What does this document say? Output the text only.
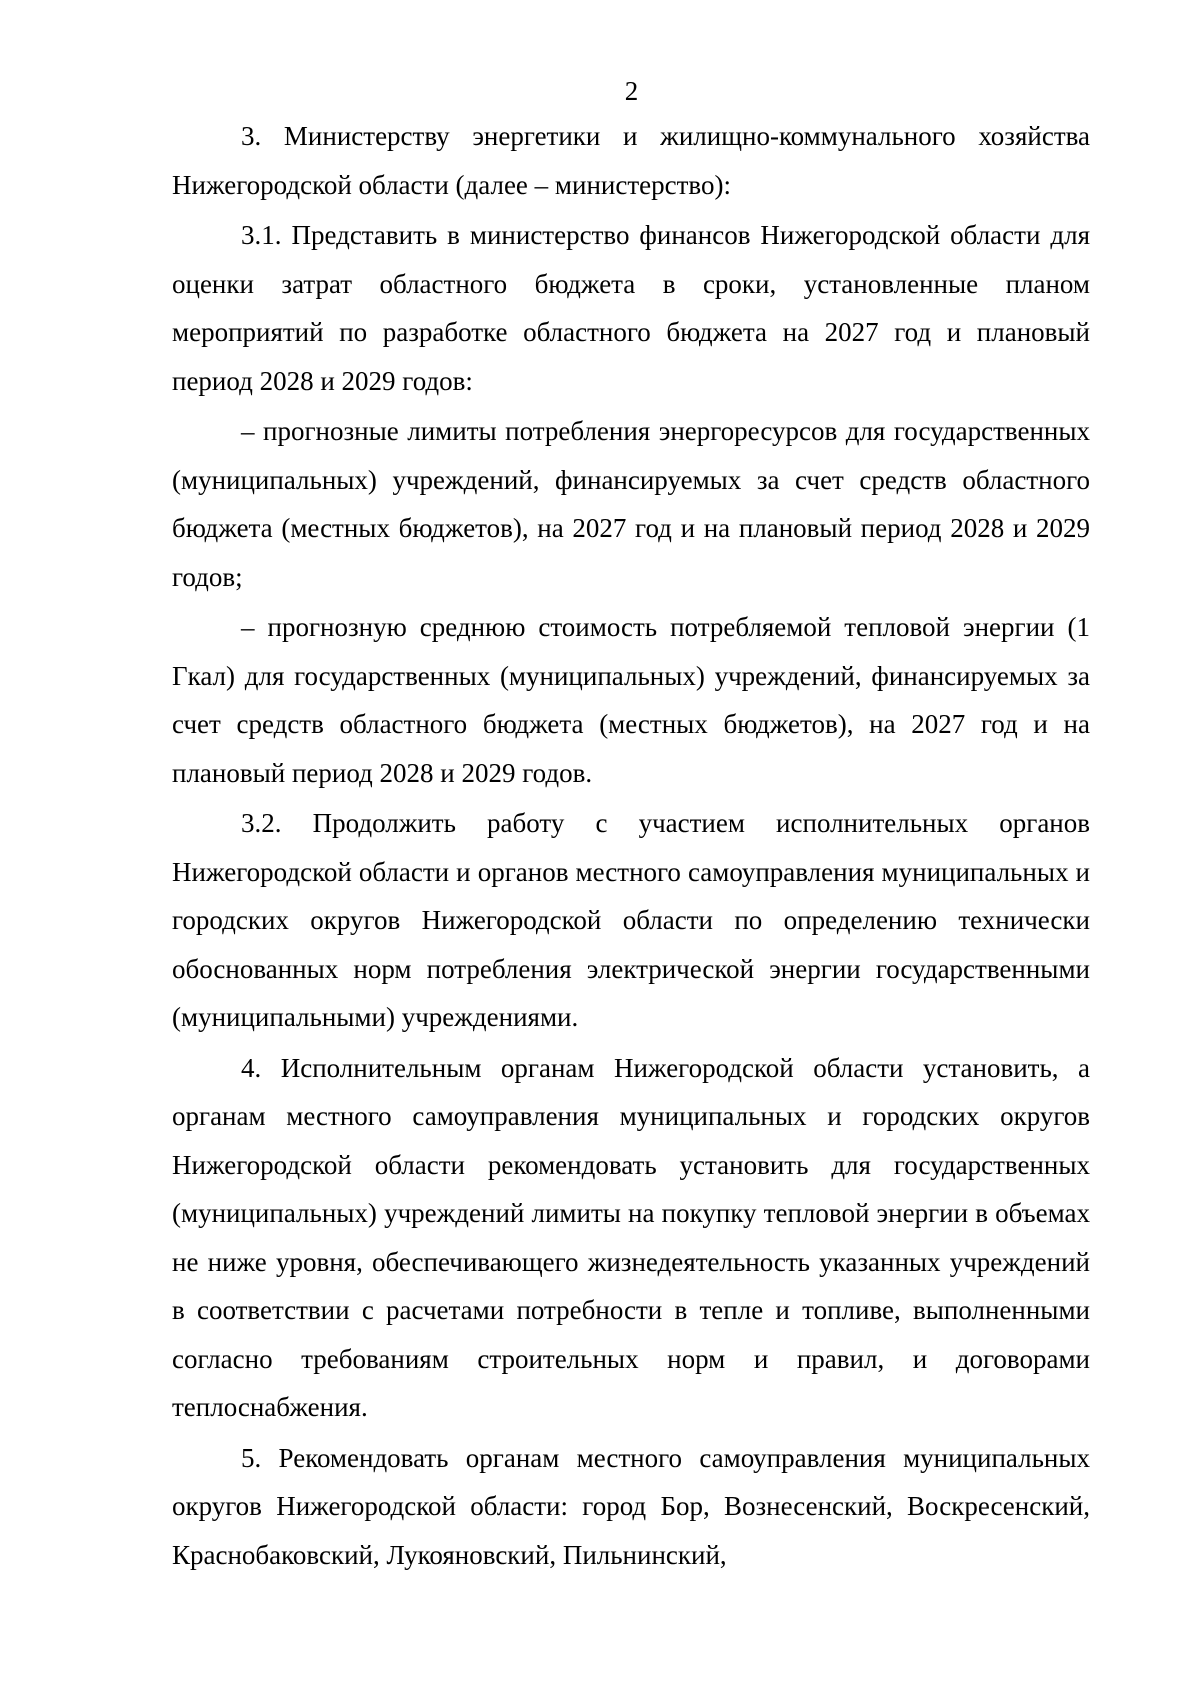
2

3. Министерству энергетики и жилищно-коммунального хозяйства Нижегородской области (далее – министерство):

3.1. Представить в министерство финансов Нижегородской области для оценки затрат областного бюджета в сроки, установленные планом мероприятий по разработке областного бюджета на 2027 год и плановый период 2028 и 2029 годов:

– прогнозные лимиты потребления энергоресурсов для государственных (муниципальных) учреждений, финансируемых за счет средств областного бюджета (местных бюджетов), на 2027 год и на плановый период 2028 и 2029 годов;

– прогнозную среднюю стоимость потребляемой тепловой энергии (1 Гкал) для государственных (муниципальных) учреждений, финансируемых за счет средств областного бюджета (местных бюджетов), на 2027 год и на плановый период 2028 и 2029 годов.

3.2. Продолжить работу с участием исполнительных органов Нижегородской области и органов местного самоуправления муниципальных и городских округов Нижегородской области по определению технически обоснованных норм потребления электрической энергии государственными (муниципальными) учреждениями.

4. Исполнительным органам Нижегородской области установить, а органам местного самоуправления муниципальных и городских округов Нижегородской области рекомендовать установить для государственных (муниципальных) учреждений лимиты на покупку тепловой энергии в объемах не ниже уровня, обеспечивающего жизнедеятельность указанных учреждений в соответствии с расчетами потребности в тепле и топливе, выполненными согласно требованиям строительных норм и правил, и договорами теплоснабжения.

5. Рекомендовать органам местного самоуправления муниципальных округов Нижегородской области: город Бор, Вознесенский, Воскресенский, Краснобаковский, Лукояновский, Пильнинский,
